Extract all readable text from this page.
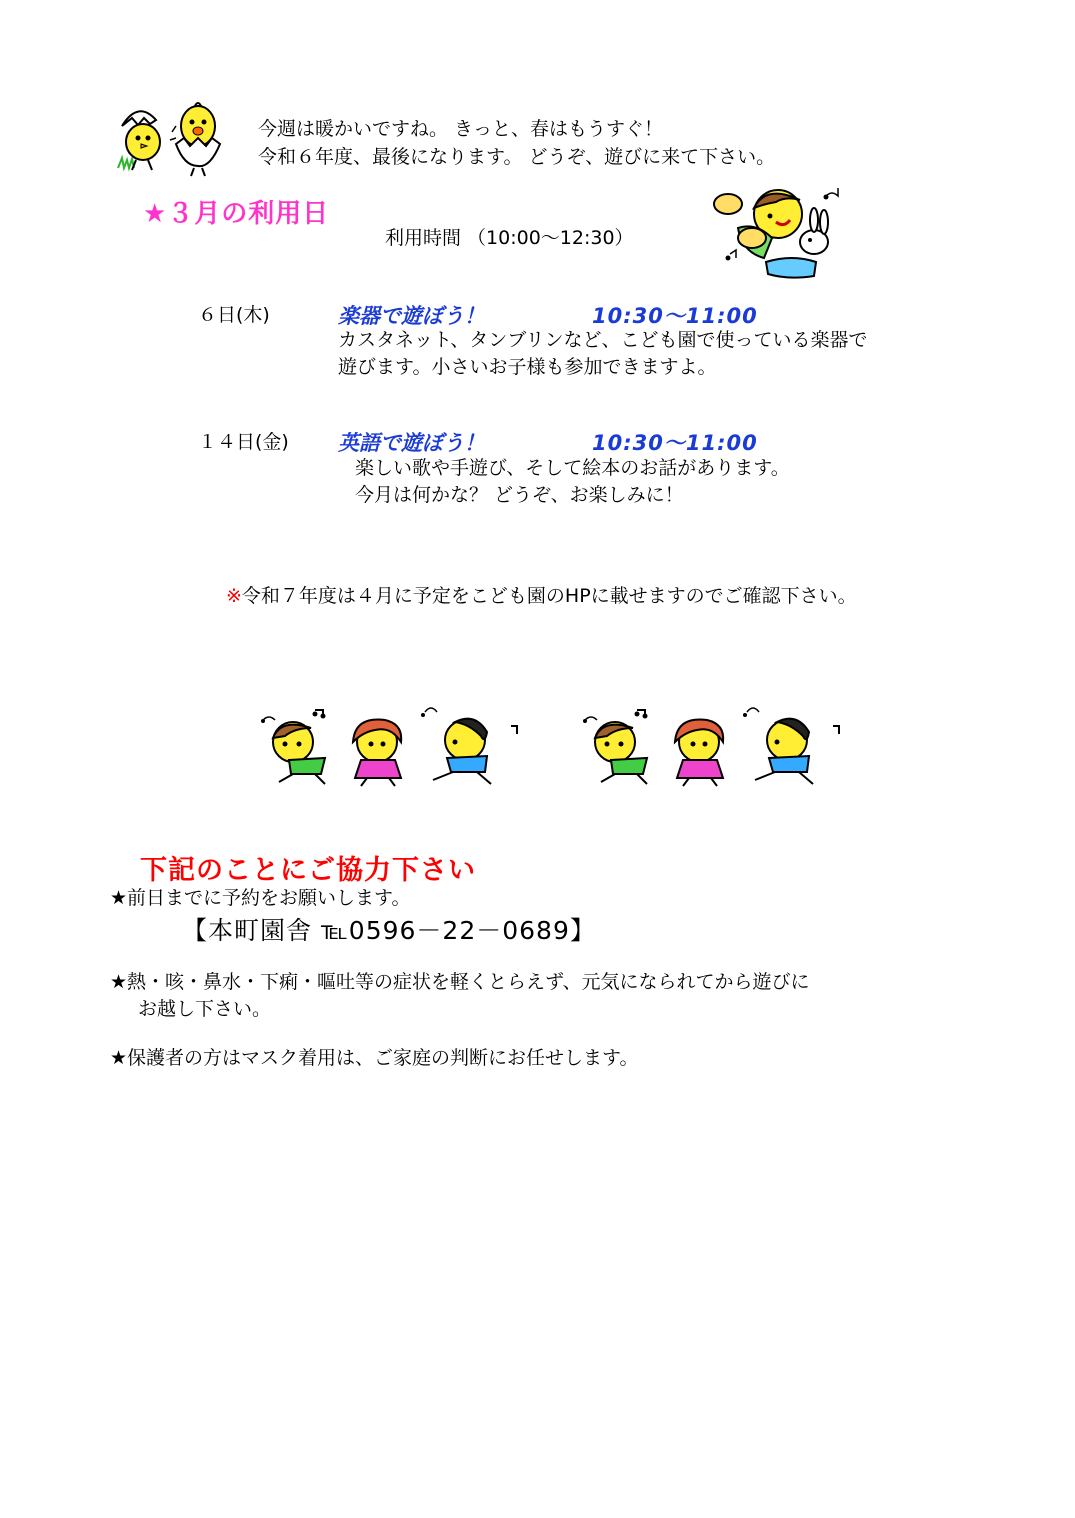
今週は暖かいですね。 きっと、春はもうすぐ！
令和６年度、最後になります。 どうぞ、遊びに来て下さい。
★３月の利用日
利用時間 （10:00～12:30）
６日(木)	楽器で遊ぼう！	10:30～11:00
カスタネット、タンブリンなど、こども園で使っている楽器で
遊びます。小さいお子様も参加できますよ。
１４日(金) 英語で遊ぼう！	10:30～11:00
楽しい歌や手遊び、そして絵本のお話があります。
今月は何かな？ どうぞ、お楽しみに！
※令和７年度は４月に予定をこども園のHPに載せますのでご確認下さい。
下記のことにご協力下さい
★前日までに予約をお願いします。
【本町園舎 ℡0596－22－0689】
★熱・咳・鼻水・下痢・嘔吐等の症状を軽くとらえず、元気になられてから遊びに
お越し下さい。
★保護者の方はマスク着用は、ご家庭の判断にお任せします。
